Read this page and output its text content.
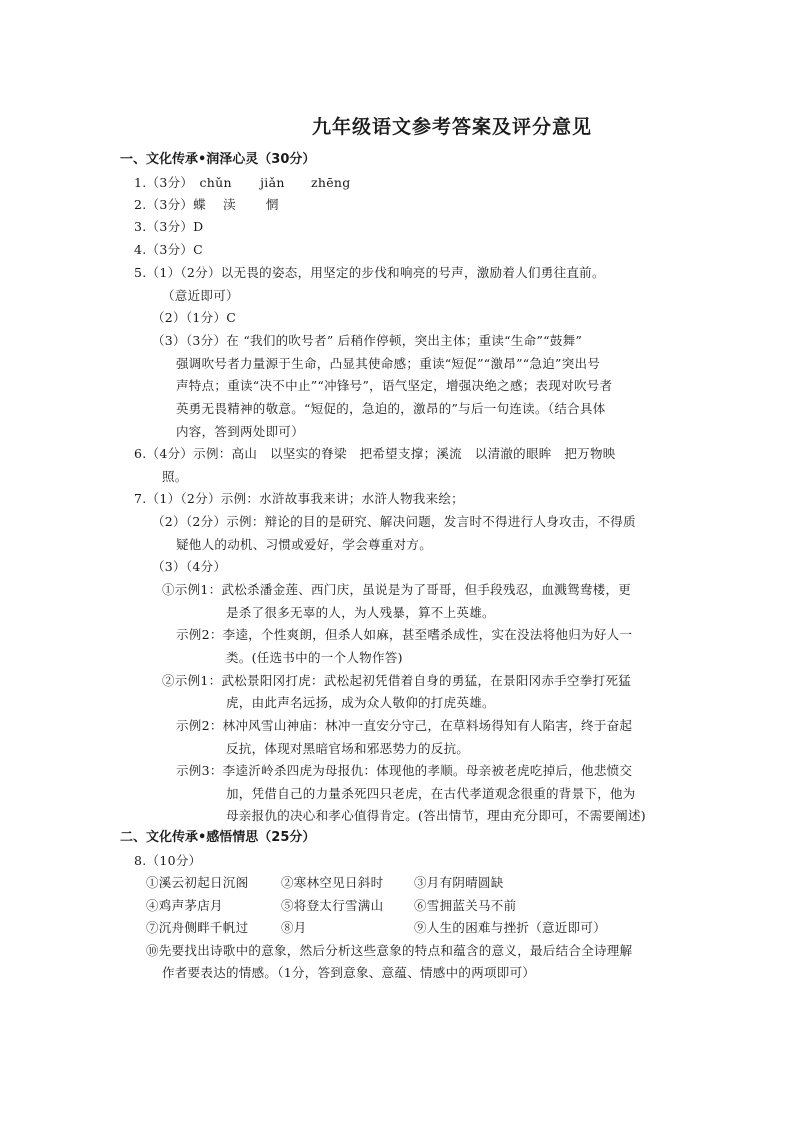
九年级语文参考答案及评分意见
一、文化传承•润泽心灵（30分）
1.（3分） chǔn jiǎn zhēng
2.（3分）蝶　 渎　 　惘
3.（3分）D
4.（3分）C
5.（1）（2分）以无畏的姿态，用坚定的步伐和响亮的号声，激励着人们勇往直前。
（意近即可）
（2）（1分）C
（3）（3分）在 “我们的吹号者” 后稍作停顿，突出主体；重读“生命”“鼓舞”
强调吹号者力量源于生命，凸显其使命感；重读“短促”“激昂”“急迫”突出号
声特点；重读“决不中止”“冲锋号”，语气坚定，增强决绝之感；表现对吹号者
英勇无畏精神的敬意。“短促的，急迫的，激昂的”与后一句连读。（结合具体
内容，答到两处即可）
6.（4分）示例：高山　以坚实的脊梁　把希望支撑；溪流　以清澈的眼眸　把万物映
照。
7.（1）（2分）示例：水浒故事我来讲；水浒人物我来绘；
（2）（2分）示例：辩论的目的是研究、解决问题，发言时不得进行人身攻击，不得质
疑他人的动机、习惯或爱好，学会尊重对方。
（3）（4分）
①示例1：武松杀潘金莲、西门庆，虽说是为了哥哥，但手段残忍，血溅鸳鸯楼，更
是杀了很多无辜的人，为人残暴，算不上英雄。
示例2：李逵，个性爽朗，但杀人如麻，甚至嗜杀成性，实在没法将他归为好人一
类。(任选书中的一个人物作答)
②示例1：武松景阳冈打虎：武松起初凭借着自身的勇猛，在景阳冈赤手空拳打死猛
虎，由此声名远扬，成为众人敬仰的打虎英雄。
示例2：林冲风雪山神庙：林冲一直安分守己，在草料场得知有人陷害，终于奋起
反抗，体现对黑暗官场和邪恶势力的反抗。
示例3：李逵沂岭杀四虎为母报仇：体现他的孝顺。母亲被老虎吃掉后，他悲愤交
加，凭借自己的力量杀死四只老虎，在古代孝道观念很重的背景下，他为
母亲报仇的决心和孝心值得肯定。(答出情节，理由充分即可，不需要阐述)
二、文化传承•感悟情思（25分）
8.（10分）
①溪云初起日沉阁	②寒林空见日斜时 ③月有阴晴圆缺
④鸡声茅店月	⑤将登太行雪满山 ⑥雪拥蓝关马不前
⑦沉舟侧畔千帆过	⑧月	⑨人生的困难与挫折（意近即可）
⑩先要找出诗歌中的意象，然后分析这些意象的特点和蕴含的意义，最后结合全诗理解
作者要表达的情感。（1分，答到意象、意蕴、情感中的两项即可）
